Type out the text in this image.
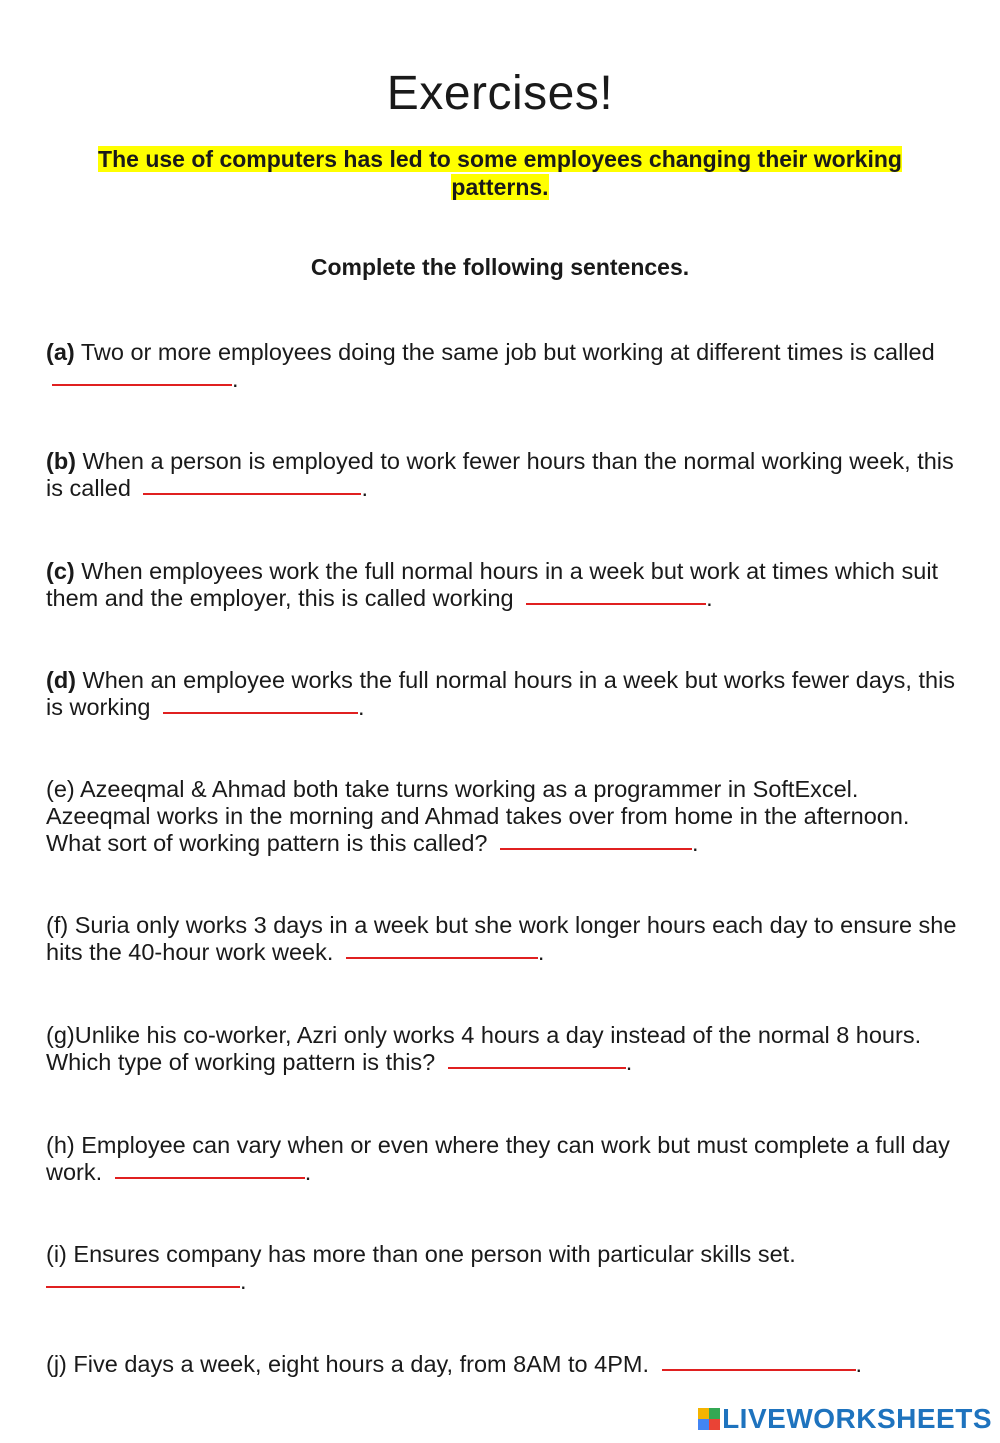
Exercises!
The use of computers has led to some employees changing their working patterns.
Complete the following sentences.
(a) Two or more employees doing the same job but working at different times is called .
(b) When a person is employed to work fewer hours than the normal working week, this is called	.
(c) When employees work the full normal hours in a week but work at times which suit them and the employer, this is called working	.
(d) When an employee works the full normal hours in a week but works fewer days, this is working	.
(e) Azeeqmal & Ahmad both take turns working as a programmer in SoftExcel. Azeeqmal works in the morning and Ahmad takes over from home in the afternoon. What sort of working pattern is this called?	.
(f) Suria only works 3 days in a week but she work longer hours each day to ensure she hits the 40-hour work week.	.
(g)Unlike his co-worker, Azri only works 4 hours a day instead of the normal 8 hours. Which type of working pattern is this?	.
(h) Employee can vary when or even where they can work but must complete a full day work.	.
(i) Ensures company has more than one person with particular skills set.
.
(j) Five days a week, eight hours a day, from 8AM to 4PM.	.
LIVEWORKSHEETS
